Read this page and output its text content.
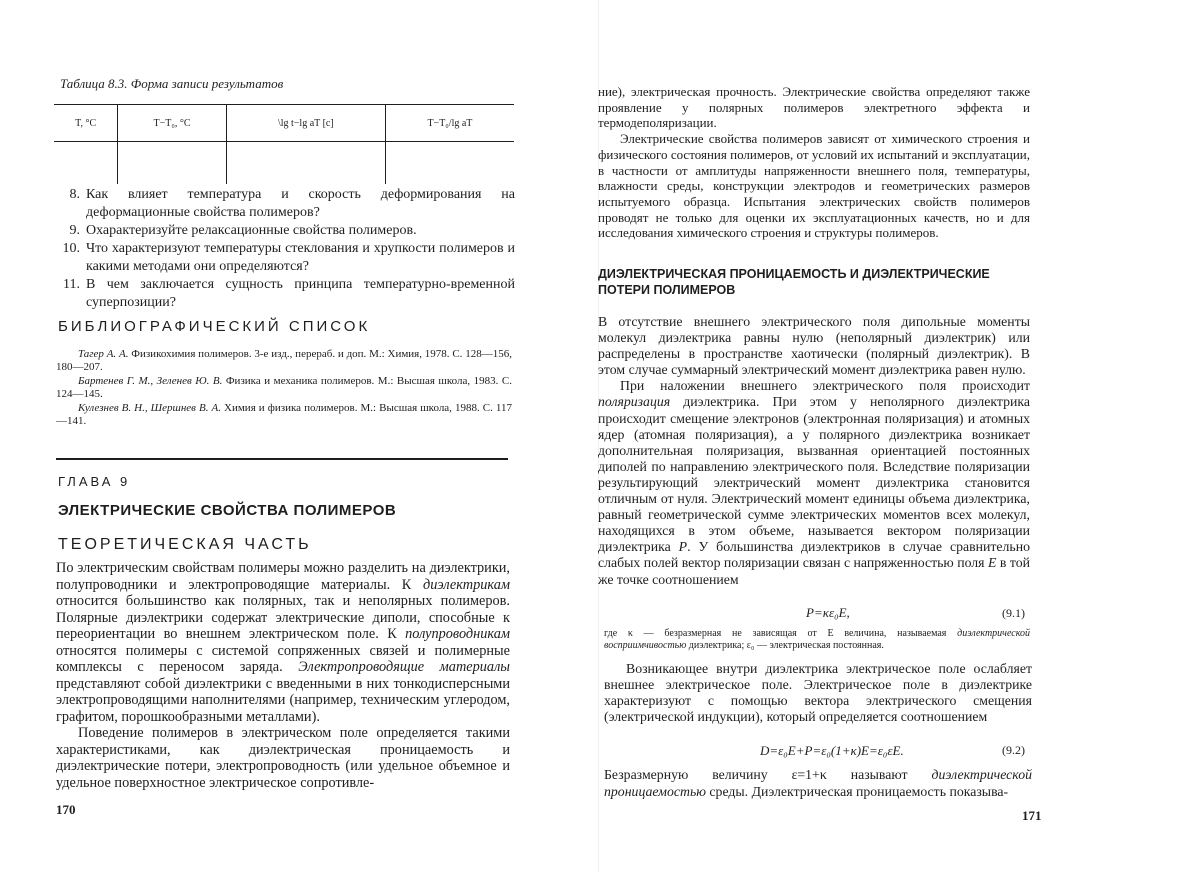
Таблица 8.3. Форма записи результатов
T, °C	T−T₀, °C	\lg t−lg aT [c]	T−T₀/lg aT

8. Как влияет температура и скорость деформирования на деформационные свойства полимеров?
9. Охарактеризуйте релаксационные свойства полимеров.
10. Что характеризуют температуры стеклования и хрупкости полимеров и какими методами они определяются?
11. В чем заключается сущность принципа температурно-временной суперпозиции?
БИБЛИОГРАФИЧЕСКИЙ СПИСОК

Тагер А. А. Физикохимия полимеров. 3-е изд., перераб. и доп. М.: Химия, 1978. С. 128—156, 180—207.

Бартенев Г. М., Зеленев Ю. В. Физика и механика полимеров. М.: Высшая школа, 1983. С. 124—145.

Кулезнев В. Н., Шершнев В. А. Химия и физика полимеров. М.: Высшая школа, 1988. С. 117—141.

ГЛАВА 9
ЭЛЕКТРИЧЕСКИЕ СВОЙСТВА ПОЛИМЕРОВ
ТЕОРЕТИЧЕСКАЯ ЧАСТЬ

По электрическим свойствам полимеры можно разделить на диэлектрики, полупроводники и электропроводящие материалы. К диэлектрикам относится большинство как полярных, так и неполярных полимеров. Полярные диэлектрики содержат электрические диполи, способные к переориентации во внешнем электрическом поле. К полупроводникам относятся полимеры с системой сопряженных связей и полимерные комплексы с переносом заряда. Электропроводящие материалы представляют собой диэлектрики с введенными в них тонкодисперсными электропроводящими наполнителями (например, техническим углеродом, графитом, порошкообразными металлами).

Поведение полимеров в электрическом поле определяется такими характеристиками, как диэлектрическая проницаемость и диэлектрические потери, электропроводность (или удельное объемное и удельное поверхностное электрическое сопротивле-

170

ние), электрическая прочность. Электрические свойства определяют также проявление у полярных полимеров электретного эффекта и термодеполяризации.

Электрические свойства полимеров зависят от химического строения и физического состояния полимеров, от условий их испытаний и эксплуатации, в частности от амплитуды напряженности внешнего поля, температуры, влажности среды, конструкции электродов и геометрических размеров испытуемого образца. Испытания электрических свойств полимеров проводят не только для оценки их эксплуатационных качеств, но и для исследования химического строения и структуры полимеров.

ДИЭЛЕКТРИЧЕСКАЯ ПРОНИЦАЕМОСТЬ И ДИЭЛЕКТРИЧЕСКИЕ ПОТЕРИ ПОЛИМЕРОВ

В отсутствие внешнего электрического поля дипольные моменты молекул диэлектрика равны нулю (неполярный диэлектрик) или распределены в пространстве хаотически (полярный диэлектрик). В этом случае суммарный электрический момент диэлектрика равен нулю.

При наложении внешнего электрического поля происходит поляризация диэлектрика. При этом у неполярного диэлектрика происходит смещение электронов (электронная поляризация) и атомных ядер (атомная поляризация), а у полярного диэлектрика возникает дополнительная поляризация, вызванная ориентацией постоянных диполей по направлению электрического поля. Вследствие поляризации результирующий электрический момент диэлектрика становится отличным от нуля. Электрический момент единицы объема диэлектрика, равный геометрической сумме электрических моментов всех молекул, находящихся в этом объеме, называется вектором поляризации диэлектрика P. У большинства диэлектриков в случае сравнительно слабых полей вектор поляризации связан с напряженностью поля E в той же точке соотношением

P=κε₀E,	(9.1)
где κ — безразмерная не зависящая от E величина, называемая диэлектрической восприимчивостью диэлектрика; ε₀ — электрическая постоянная.

Возникающее внутри диэлектрика электрическое поле ослабляет внешнее электрическое поле. Электрическое поле в диэлектрике характеризуют с помощью вектора электрического смещения (электрической индукции), который определяется соотношением

D=ε₀E+P=ε₀(1+κ)E=ε₀εE.	(9.2)

Безразмерную величину ε=1+κ называют диэлектрической проницаемостью среды. Диэлектрическая проницаемость показыва-

171
